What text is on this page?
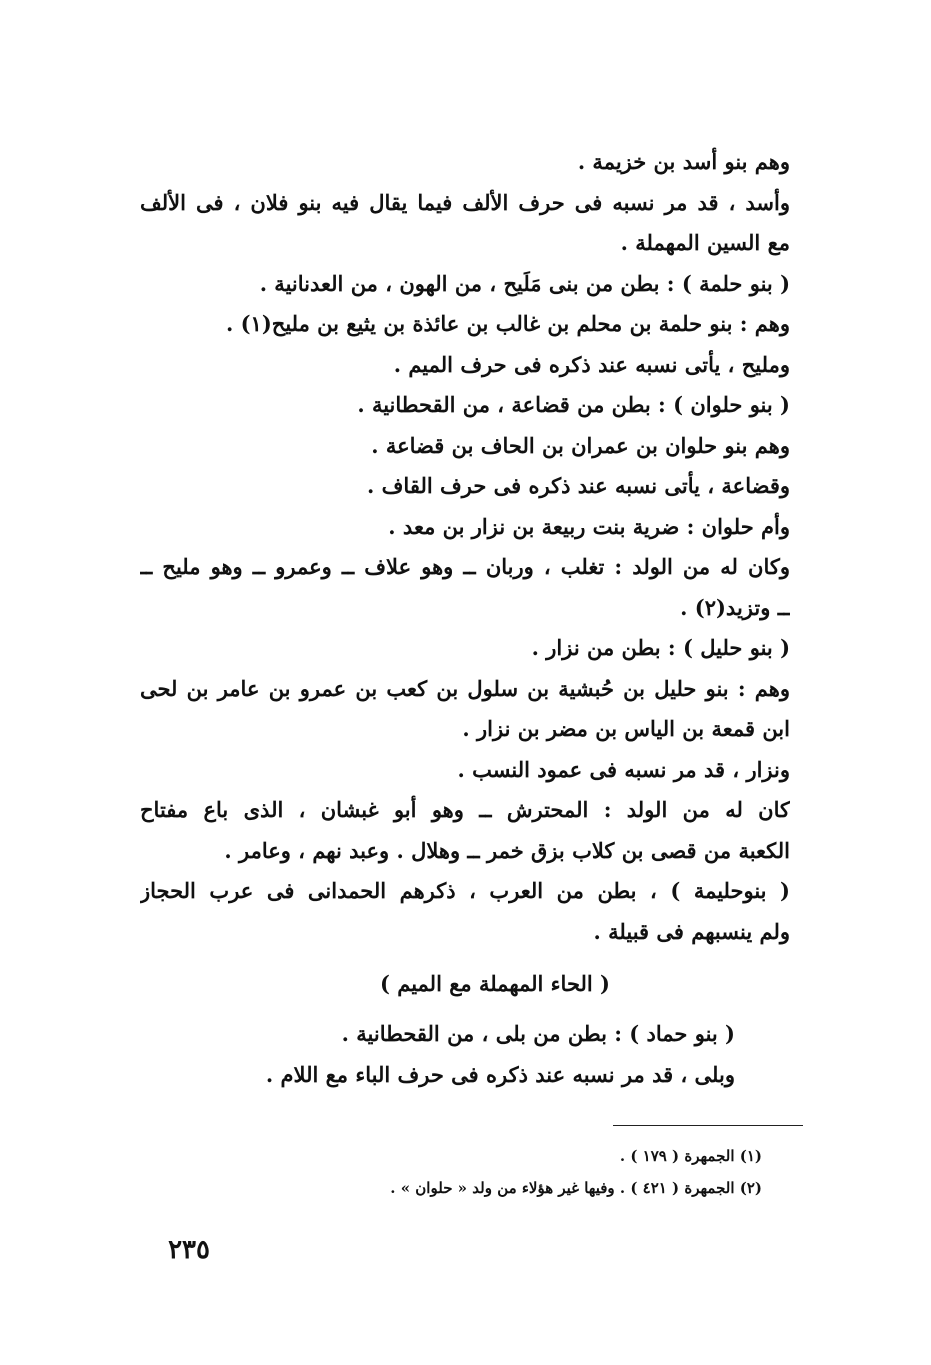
وهم بنو أسد بن خزيمة .
وأسد ، قد مر نسبه فى حرف الألف فيما يقال فيه بنو فلان ، فى الألف
مع السين المهملة .
( بنو حلمة ) : بطن من بنى مَلَيح ، من الهون ، من العدنانية .
وهم : بنو حلمة بن محلم بن غالب بن عائذة بن يثيع بن مليح(١) .
ومليح ، يأتى نسبه عند ذكره فى حرف الميم .
( بنو حلوان ) : بطن من قضاعة ، من القحطانية .
وهم بنو حلوان بن عمران بن الحاف بن قضاعة .
وقضاعة ، يأتى نسبه عند ذكره فى حرف القاف .
وأم حلوان : ضرية بنت ربيعة بن نزار بن معد .
وكان له من الولد : تغلب ، وربان ــ وهو علاف ــ وعمرو ــ وهو مليح ــ
ــ وتزيد(٢) .
( بنو حليل ) : بطن من نزار .
وهم : بنو حليل بن حُبشية بن سلول بن كعب بن عمرو بن عامر بن لحى
ابن قمعة بن الياس بن مضر بن نزار .
ونزار ، قد مر نسبه فى عمود النسب .
كان له من الولد : المحترش ــ وهو أبو غبشان ، الذى باع مفتاح
الكعبة من قصى بن كلاب بزق خمر ــ وهلال . وعبد نهم ، وعامر .
( بنوحليمة ) ، بطن من العرب ، ذكرهم الحمدانى فى عرب الحجاز
ولم ينسبهم فى قبيلة .
( الحاء المهملة مع الميم )
( بنو حماد ) : بطن من بلى ، من القحطانية .
وبلى ، قد مر نسبه عند ذكره فى حرف الباء مع اللام .
(١) الجمهرة ( ١٧٩ ) .
(٢) الجمهرة ( ٤٢١ ) . وفيها غير هؤلاء من ولد « حلوان » .
٢٣٥
